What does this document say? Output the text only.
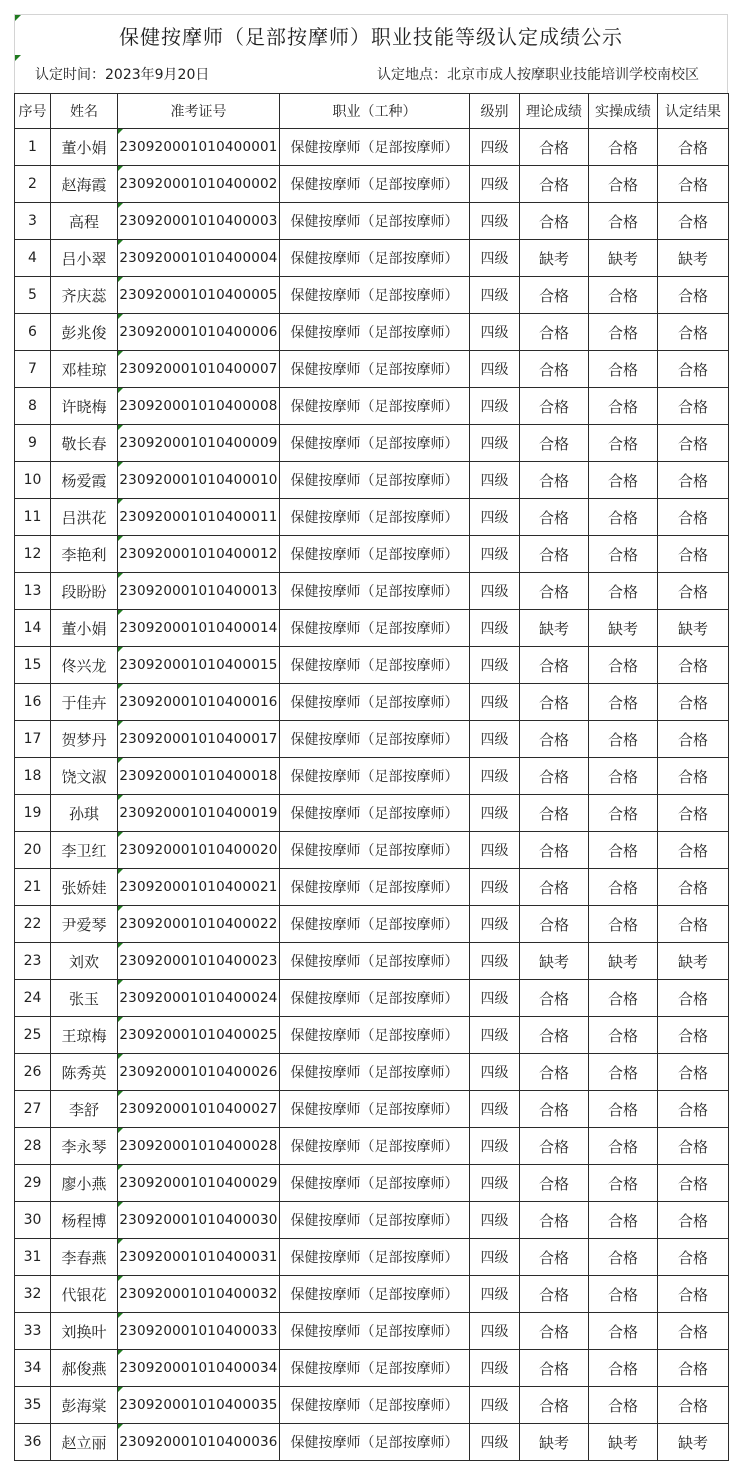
保健按摩师（足部按摩师）职业技能等级认定成绩公示
认定时间：2023年9月20日	认定地点：北京市成人按摩职业技能培训学校南校区
序号	姓名	准考证号	职业（工种）	级别	理论成绩	实操成绩	认定结果
1	董小娟	230920001010400001	保健按摩师（足部按摩师）	四级	合格	合格	合格
2	赵海霞	230920001010400002	保健按摩师（足部按摩师）	四级	合格	合格	合格
3	高程	230920001010400003	保健按摩师（足部按摩师）	四级	合格	合格	合格
4	吕小翠	230920001010400004	保健按摩师（足部按摩师）	四级	缺考	缺考	缺考
5	齐庆蕊	230920001010400005	保健按摩师（足部按摩师）	四级	合格	合格	合格
6	彭兆俊	230920001010400006	保健按摩师（足部按摩师）	四级	合格	合格	合格
7	邓桂琼	230920001010400007	保健按摩师（足部按摩师）	四级	合格	合格	合格
8	许晓梅	230920001010400008	保健按摩师（足部按摩师）	四级	合格	合格	合格
9	敬长春	230920001010400009	保健按摩师（足部按摩师）	四级	合格	合格	合格
10	杨爱霞	230920001010400010	保健按摩师（足部按摩师）	四级	合格	合格	合格
11	吕洪花	230920001010400011	保健按摩师（足部按摩师）	四级	合格	合格	合格
12	李艳利	230920001010400012	保健按摩师（足部按摩师）	四级	合格	合格	合格
13	段盼盼	230920001010400013	保健按摩师（足部按摩师）	四级	合格	合格	合格
14	董小娟	230920001010400014	保健按摩师（足部按摩师）	四级	缺考	缺考	缺考
15	佟兴龙	230920001010400015	保健按摩师（足部按摩师）	四级	合格	合格	合格
16	于佳卉	230920001010400016	保健按摩师（足部按摩师）	四级	合格	合格	合格
17	贺梦丹	230920001010400017	保健按摩师（足部按摩师）	四级	合格	合格	合格
18	饶文淑	230920001010400018	保健按摩师（足部按摩师）	四级	合格	合格	合格
19	孙琪	230920001010400019	保健按摩师（足部按摩师）	四级	合格	合格	合格
20	李卫红	230920001010400020	保健按摩师（足部按摩师）	四级	合格	合格	合格
21	张娇娃	230920001010400021	保健按摩师（足部按摩师）	四级	合格	合格	合格
22	尹爱琴	230920001010400022	保健按摩师（足部按摩师）	四级	合格	合格	合格
23	刘欢	230920001010400023	保健按摩师（足部按摩师）	四级	缺考	缺考	缺考
24	张玉	230920001010400024	保健按摩师（足部按摩师）	四级	合格	合格	合格
25	王琼梅	230920001010400025	保健按摩师（足部按摩师）	四级	合格	合格	合格
26	陈秀英	230920001010400026	保健按摩师（足部按摩师）	四级	合格	合格	合格
27	李舒	230920001010400027	保健按摩师（足部按摩师）	四级	合格	合格	合格
28	李永琴	230920001010400028	保健按摩师（足部按摩师）	四级	合格	合格	合格
29	廖小燕	230920001010400029	保健按摩师（足部按摩师）	四级	合格	合格	合格
30	杨程博	230920001010400030	保健按摩师（足部按摩师）	四级	合格	合格	合格
31	李春燕	230920001010400031	保健按摩师（足部按摩师）	四级	合格	合格	合格
32	代银花	230920001010400032	保健按摩师（足部按摩师）	四级	合格	合格	合格
33	刘换叶	230920001010400033	保健按摩师（足部按摩师）	四级	合格	合格	合格
34	郝俊燕	230920001010400034	保健按摩师（足部按摩师）	四级	合格	合格	合格
35	彭海棠	230920001010400035	保健按摩师（足部按摩师）	四级	合格	合格	合格
36	赵立丽	230920001010400036	保健按摩师（足部按摩师）	四级	缺考	缺考	缺考
